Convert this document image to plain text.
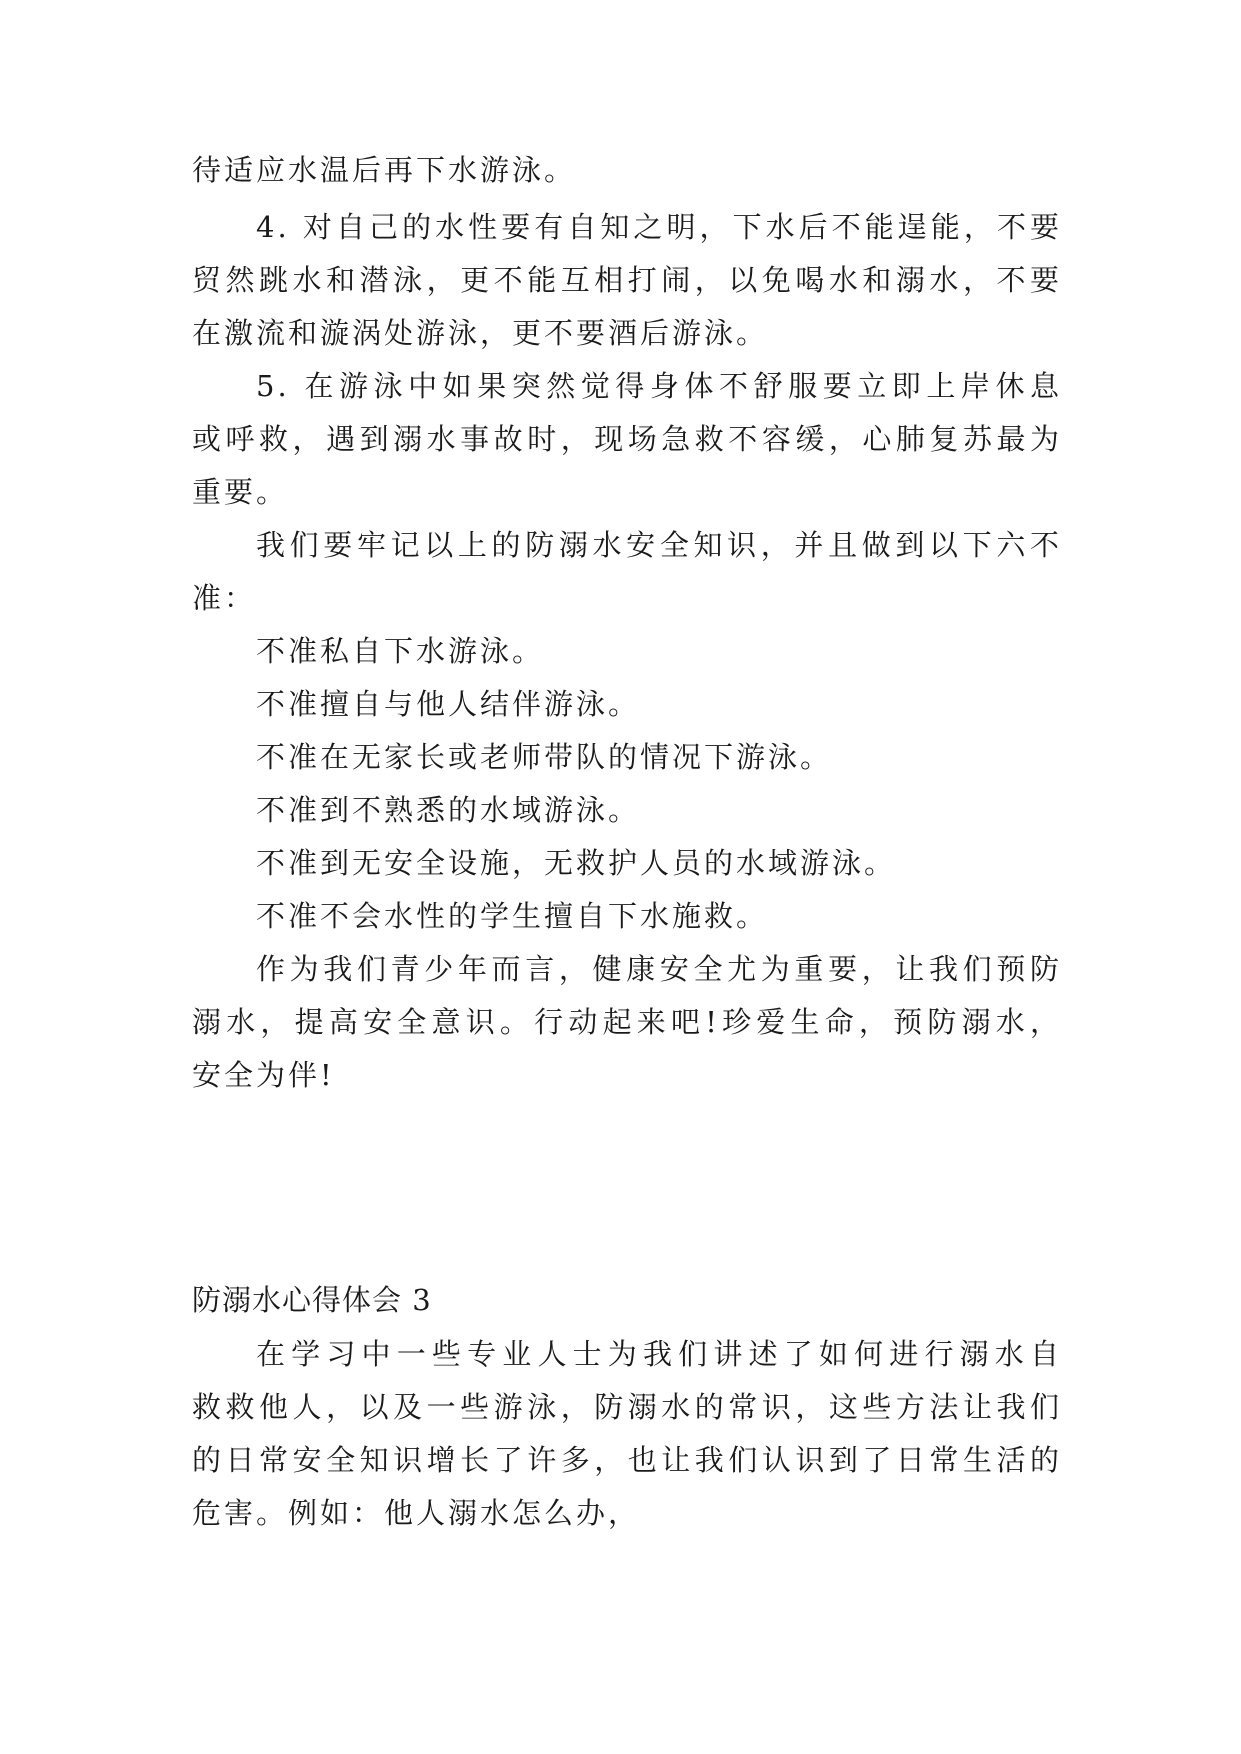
待适应水温后再下水游泳。
4. 对自己的水性要有自知之明，下水后不能逞能，不要
贸然跳水和潜泳，更不能互相打闹，以免喝水和溺水，不要
在激流和漩涡处游泳，更不要酒后游泳。
5. 在游泳中如果突然觉得身体不舒服要立即上岸休息
或呼救，遇到溺水事故时，现场急救不容缓，心肺复苏最为
重要。
我们要牢记以上的防溺水安全知识，并且做到以下六不
准：
不准私自下水游泳。
不准擅自与他人结伴游泳。
不准在无家长或老师带队的情况下游泳。
不准到不熟悉的水域游泳。
不准到无安全设施，无救护人员的水域游泳。
不准不会水性的学生擅自下水施救。
作为我们青少年而言，健康安全尤为重要，让我们预防
溺水，提高安全意识。行动起来吧!珍爱生命，预防溺水，
安全为伴!
防溺水心得体会 3
在学习中一些专业人士为我们讲述了如何进行溺水自
救救他人，以及一些游泳，防溺水的常识，这些方法让我们
的日常安全知识增长了许多，也让我们认识到了日常生活的
危害。例如：他人溺水怎么办，
